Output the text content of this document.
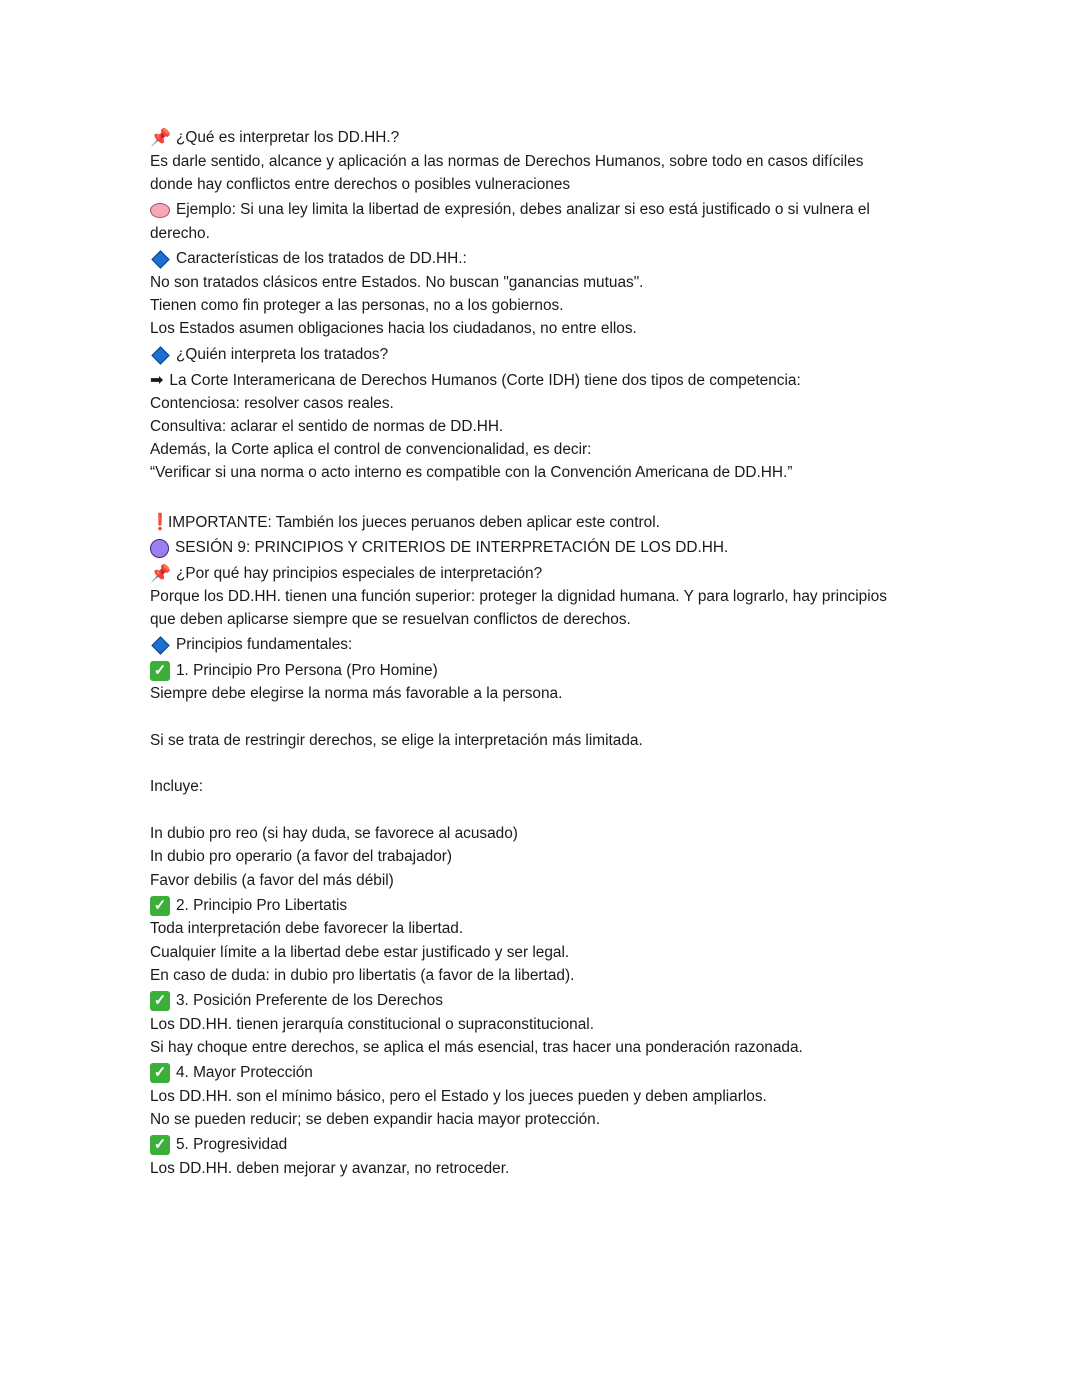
📌 ¿Qué es interpretar los DD.HH.?
Es darle sentido, alcance y aplicación a las normas de Derechos Humanos, sobre todo en casos difíciles
donde hay conflictos entre derechos o posibles vulneraciones
Ejemplo: Si una ley limita la libertad de expresión, debes analizar si eso está justificado o si vulnera el
derecho.
Características de los tratados de DD.HH.:
No son tratados clásicos entre Estados. No buscan "ganancias mutuas".
Tienen como fin proteger a las personas, no a los gobiernos.
Los Estados asumen obligaciones hacia los ciudadanos, no entre ellos.
¿Quién interpreta los tratados?
➡ La Corte Interamericana de Derechos Humanos (Corte IDH) tiene dos tipos de competencia:
Contenciosa: resolver casos reales.
Consultiva: aclarar el sentido de normas de DD.HH.
Además, la Corte aplica el control de convencionalidad, es decir:
“Verificar si una norma o acto interno es compatible con la Convención Americana de DD.HH.”
❗
IMPORTANTE: También los jueces peruanos deben aplicar este control.
SESIÓN 9: PRINCIPIOS Y CRITERIOS DE INTERPRETACIÓN DE LOS DD.HH.
📌 ¿Por qué hay principios especiales de interpretación?
Porque los DD.HH. tienen una función superior: proteger la dignidad humana. Y para lograrlo, hay principios
que deben aplicarse siempre que se resuelvan conflictos de derechos.
Principios fundamentales:
✓ 1. Principio Pro Persona (Pro Homine)
Siempre debe elegirse la norma más favorable a la persona.
Si se trata de restringir derechos, se elige la interpretación más limitada.
Incluye:
In dubio pro reo (si hay duda, se favorece al acusado)
In dubio pro operario (a favor del trabajador)
Favor debilis (a favor del más débil)
✓ 2. Principio Pro Libertatis
Toda interpretación debe favorecer la libertad.
Cualquier límite a la libertad debe estar justificado y ser legal.
En caso de duda: in dubio pro libertatis (a favor de la libertad).
✓ 3. Posición Preferente de los Derechos
Los DD.HH. tienen jerarquía constitucional o supraconstitucional.
Si hay choque entre derechos, se aplica el más esencial, tras hacer una ponderación razonada.
✓ 4. Mayor Protección
Los DD.HH. son el mínimo básico, pero el Estado y los jueces pueden y deben ampliarlos.
No se pueden reducir; se deben expandir hacia mayor protección.
✓ 5. Progresividad
Los DD.HH. deben mejorar y avanzar, no retroceder.
